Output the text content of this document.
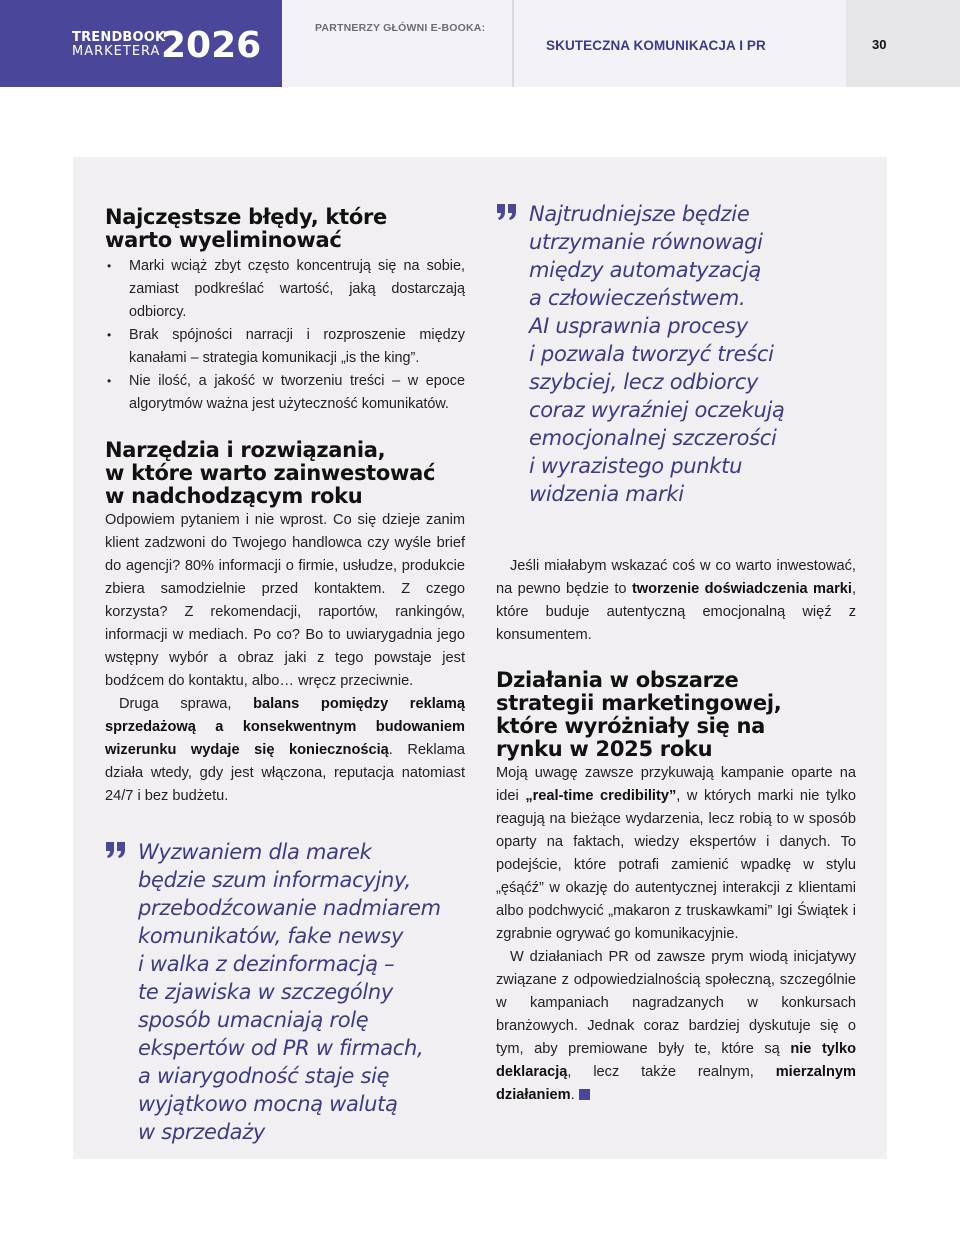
TRENDBOOK
MARKETERA 2026	PARTNERZY GŁÓWNI E-BOOKA:
SKUTECZNA KOMUNIKACJA I PR	30
Najczęstsze błędy, które
warto wyeliminować
• Marki wciąż zbyt często koncentrują się na sobie, zamiast podkreślać wartość, jaką dostarczają odbiorcy.
• Brak spójności narracji i rozproszenie między kanałami – strategia komunikacji „is the king”.
• Nie ilość, a jakość w tworzeniu treści – w epoce algorytmów ważna jest użyteczność komunikatów.
Narzędzia i rozwiązania,
w które warto zainwestować
w nadchodzącym roku

Odpowiem pytaniem i nie wprost. Co się dzieje zanim klient zadzwoni do Twojego handlowca czy wyśle brief do agencji? 80% informacji o firmie, usłudze, produkcie zbiera samodzielnie przed kontaktem. Z czego korzysta? Z rekomendacji, raportów, rankingów, informacji w mediach. Po co? Bo to uwiarygadnia jego wstępny wybór a obraz jaki z tego powstaje jest bodźcem do kontaktu, albo… wręcz przeciwnie.

Druga sprawa, balans pomiędzy reklamą sprzedażową a konsekwentnym budowaniem wizerunku wydaje się koniecznością. Reklama działa wtedy, gdy jest włączona, reputacja natomiast 24/7 i bez budżetu.

Wyzwaniem dla marek
będzie szum informacyjny,
przebodźcowanie nadmiarem
komunikatów, fake newsy
i walka z dezinformacją –
te zjawiska w szczególny
sposób umacniają rolę
ekspertów od PR w firmach,
a wiarygodność staje się
wyjątkowo mocną walutą
w sprzedaży
Najtrudniejsze będzie
utrzymanie równowagi
między automatyzacją
a człowieczeństwem.
AI usprawnia procesy
i pozwala tworzyć treści
szybciej, lecz odbiorcy
coraz wyraźniej oczekują
emocjonalnej szczerości
i wyrazistego punktu
widzenia marki

Jeśli miałabym wskazać coś w co warto inwestować, na pewno będzie to tworzenie doświadczenia marki, które buduje autentyczną emocjonalną więź z konsumentem.

Działania w obszarze
strategii marketingowej,
które wyróżniały się na
rynku w 2025 roku

Moją uwagę zawsze przykuwają kampanie oparte na idei „real-time credibility”, w których marki nie tylko reagują na bieżące wydarzenia, lecz robią to w sposób oparty na faktach, wiedzy ekspertów i danych. To podejście, które potrafi zamienić wpadkę w stylu „ęśąćź” w okazję do autentycznej interakcji z klientami albo podchwycić „makaron z truskawkami” Igi Świątek i zgrabnie ogrywać go komunikacyjnie.

W działaniach PR od zawsze prym wiodą inicjatywy związane z odpowiedzialnością społeczną, szczególnie w kampaniach nagradzanych w konkursach branżowych. Jednak coraz bardziej dyskutuje się o tym, aby premiowane były te, które są nie tylko deklaracją, lecz także realnym, mierzalnym działaniem.
